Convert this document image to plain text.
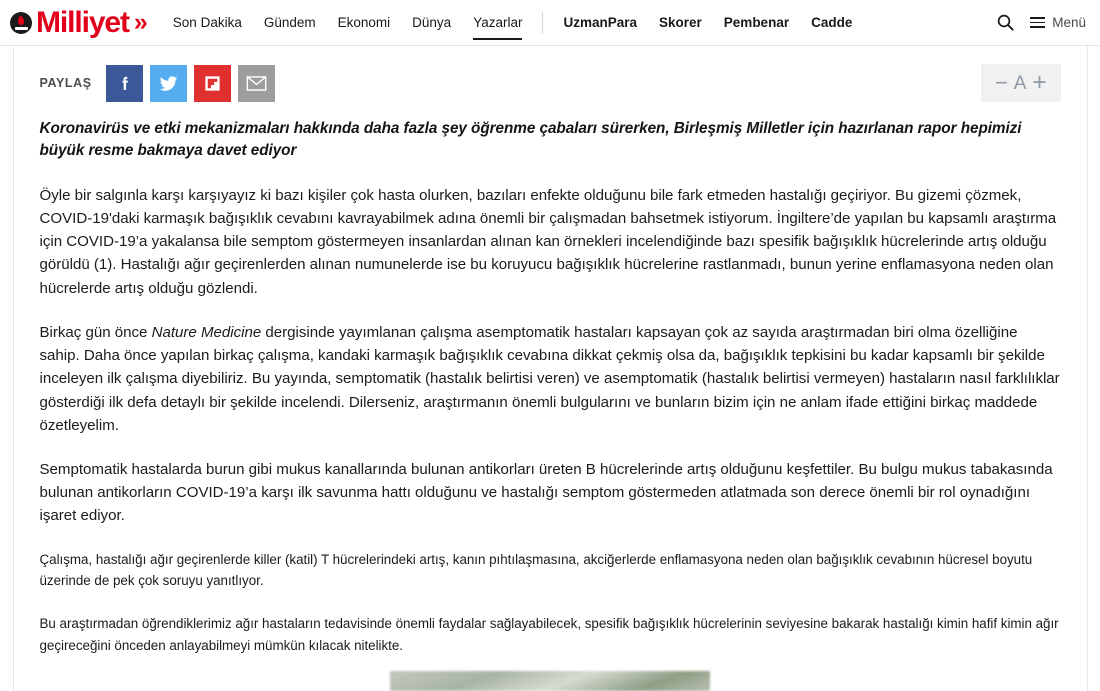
Milliyet »	Son Dakika	Gündem	Ekonomi	Dünya	Yazarlar	UzmanPara	Skorer	Pembenar	Cadde	Menü
PAYLAŞ	− A +

Koronavirüs ve etki mekanizmaları hakkında daha fazla şey öğrenme çabaları sürerken, Birleşmiş Milletler için hazırlanan rapor hepimizi büyük resme bakmaya davet ediyor

Öyle bir salgınla karşı karşıyayız ki bazı kişiler çok hasta olurken, bazıları enfekte olduğunu bile fark etmeden hastalığı geçiriyor. Bu gizemi çözmek, COVID-19'daki karmaşık bağışıklık cevabını kavrayabilmek adına önemli bir çalışmadan bahsetmek istiyorum. İngiltere’de yapılan bu kapsamlı araştırma için COVID-19’a yakalansa bile semptom göstermeyen insanlardan alınan kan örnekleri incelendiğinde bazı spesifik bağışıklık hücrelerinde artış olduğu görüldü (1). Hastalığı ağır geçirenlerden alınan numunelerde ise bu koruyucu bağışıklık hücrelerine rastlanmadı, bunun yerine enflamasyona neden olan hücrelerde artış olduğu gözlendi.

Birkaç gün önce Nature Medicine dergisinde yayımlanan çalışma asemptomatik hastaları kapsayan çok az sayıda araştırmadan biri olma özelliğine sahip. Daha önce yapılan birkaç çalışma, kandaki karmaşık bağışıklık cevabına dikkat çekmiş olsa da, bağışıklık tepkisini bu kadar kapsamlı bir şekilde inceleyen ilk çalışma diyebiliriz. Bu yayında, semptomatik (hastalık belirtisi veren) ve asemptomatik (hastalık belirtisi vermeyen) hastaların nasıl farklılıklar gösterdiği ilk defa detaylı bir şekilde incelendi. Dilerseniz, araştırmanın önemli bulgularını ve bunların bizim için ne anlam ifade ettiğini birkaç maddede özetleyelim.

Semptomatik hastalarda burun gibi mukus kanallarında bulunan antikorları üreten B hücrelerinde artış olduğunu keşfettiler. Bu bulgu mukus tabakasında bulunan antikorların COVID-19’a karşı ilk savunma hattı olduğunu ve hastalığı semptom göstermeden atlatmada son derece önemli bir rol oynadığını işaret ediyor.

Çalışma, hastalığı ağır geçirenlerde killer (katil) T hücrelerindeki artış, kanın pıhtılaşmasına, akciğerlerde enflamasyona neden olan bağışıklık cevabının hücresel boyutu üzerinde de pek çok soruyu yanıtlıyor.

Bu araştırmadan öğrendiklerimiz ağır hastaların tedavisinde önemli faydalar sağlayabilecek, spesifik bağışıklık hücrelerinin seviyesine bakarak hastalığı kimin hafif kimin ağır geçireceğini önceden anlayabilmeyi mümkün kılacak nitelikte.
